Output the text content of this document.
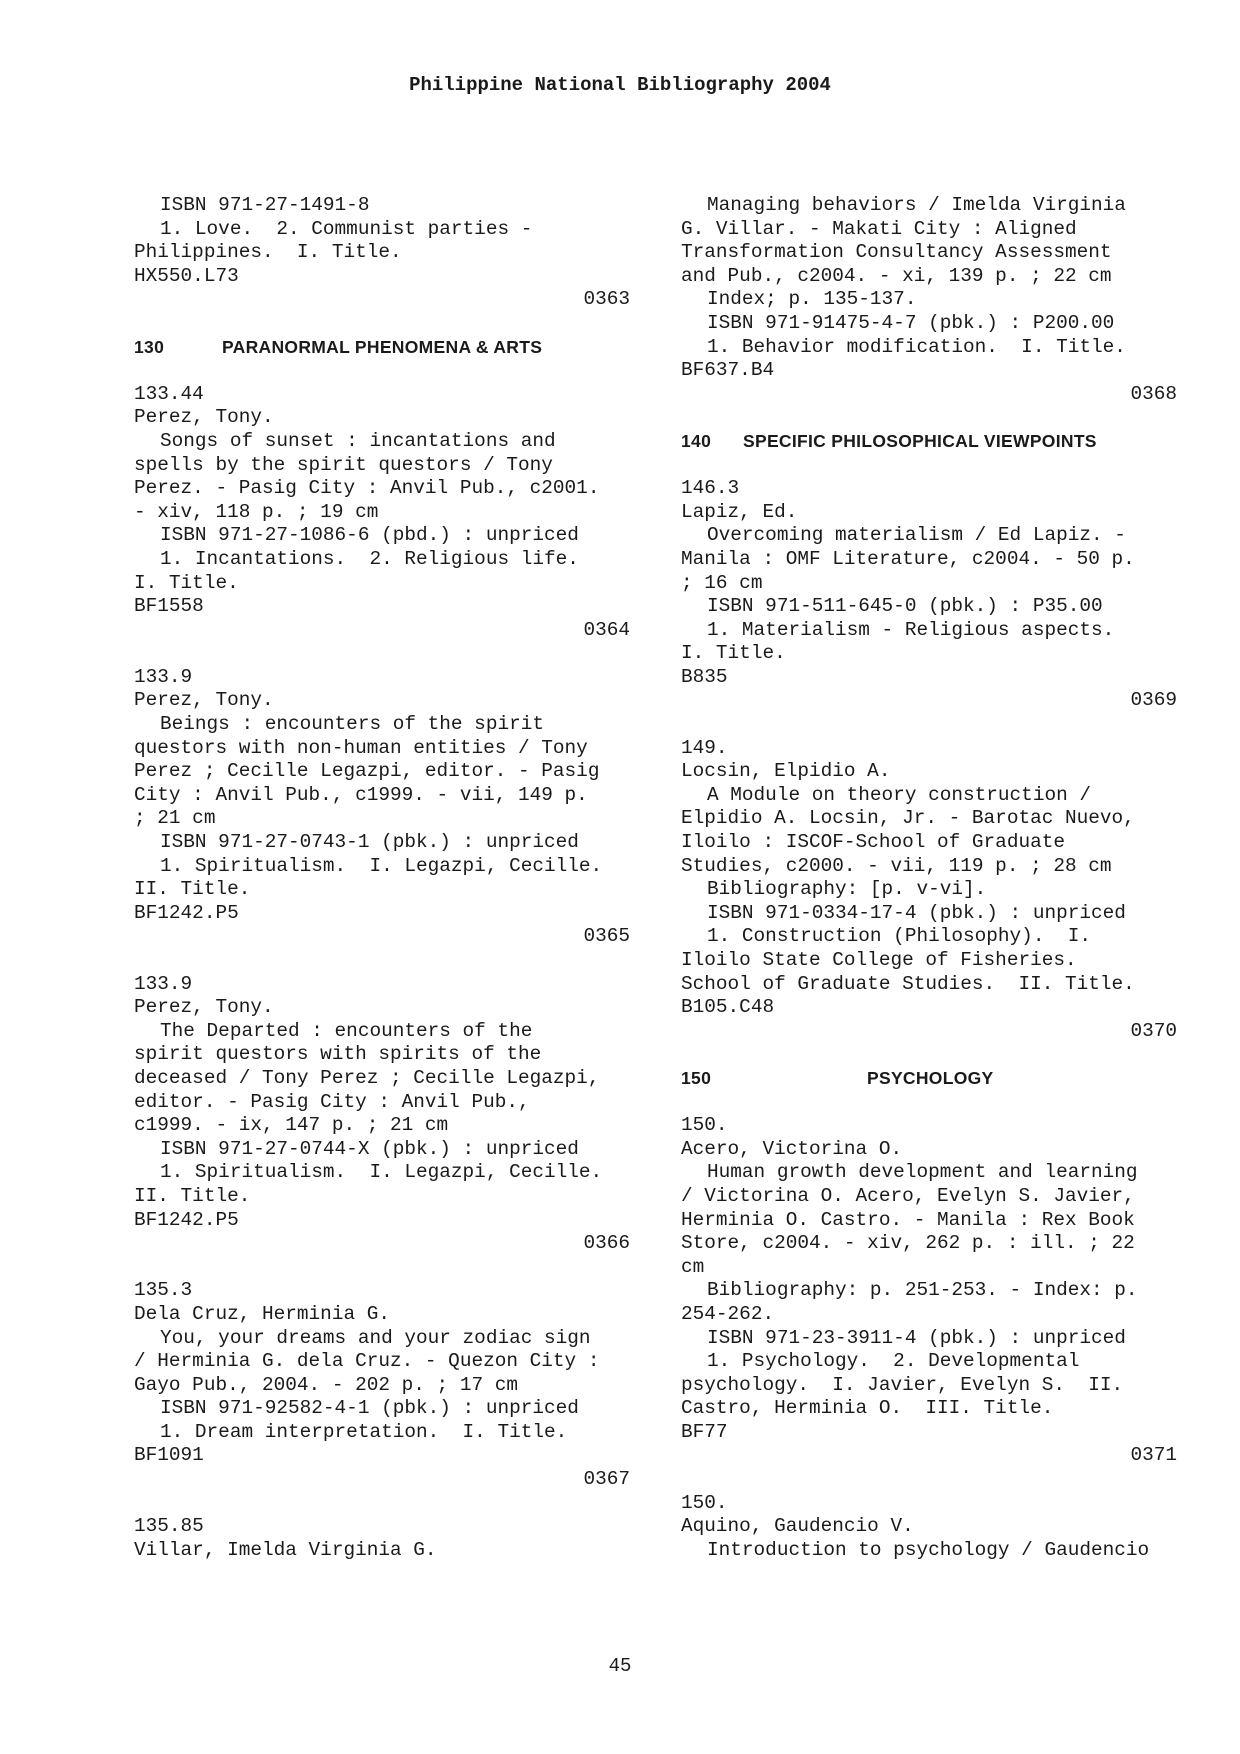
Philippine National Bibliography 2004
ISBN 971-27-1491-8
1. Love.  2. Communist parties -
Philippines.  I. Title.
HX550.L73
0363
130	PARANORMAL PHENOMENA & ARTS
133.44
Perez, Tony.
Songs of sunset : incantations and
spells by the spirit questors / Tony
Perez. - Pasig City : Anvil Pub., c2001.
- xiv, 118 p. ; 19 cm
ISBN 971-27-1086-6 (pbd.) : unpriced
1. Incantations.  2. Religious life.
I. Title.
BF1558
0364
133.9
Perez, Tony.
Beings : encounters of the spirit
questors with non-human entities / Tony
Perez ; Cecille Legazpi, editor. - Pasig
City : Anvil Pub., c1999. - vii, 149 p.
; 21 cm
ISBN 971-27-0743-1 (pbk.) : unpriced
1. Spiritualism.  I. Legazpi, Cecille.
II. Title.
BF1242.P5
0365
133.9
Perez, Tony.
The Departed : encounters of the
spirit questors with spirits of the
deceased / Tony Perez ; Cecille Legazpi,
editor. - Pasig City : Anvil Pub.,
c1999. - ix, 147 p. ; 21 cm
ISBN 971-27-0744-X (pbk.) : unpriced
1. Spiritualism.  I. Legazpi, Cecille.
II. Title.
BF1242.P5
0366
135.3
Dela Cruz, Herminia G.
You, your dreams and your zodiac sign
/ Herminia G. dela Cruz. - Quezon City :
Gayo Pub., 2004. - 202 p. ; 17 cm
ISBN 971-92582-4-1 (pbk.) : unpriced
1. Dream interpretation.  I. Title.
BF1091
0367
135.85
Villar, Imelda Virginia G.
Managing behaviors / Imelda Virginia
G. Villar. - Makati City : Aligned
Transformation Consultancy Assessment
and Pub., c2004. - xi, 139 p. ; 22 cm
Index; p. 135-137.
ISBN 971-91475-4-7 (pbk.) : P200.00
1. Behavior modification.  I. Title.
BF637.B4
0368
140 SPECIFIC PHILOSOPHICAL VIEWPOINTS
146.3
Lapiz, Ed.
Overcoming materialism / Ed Lapiz. -
Manila : OMF Literature, c2004. - 50 p.
; 16 cm
ISBN 971-511-645-0 (pbk.) : P35.00
1. Materialism - Religious aspects.
I. Title.
B835
0369
149.
Locsin, Elpidio A.
A Module on theory construction /
Elpidio A. Locsin, Jr. - Barotac Nuevo,
Iloilo : ISCOF-School of Graduate
Studies, c2000. - vii, 119 p. ; 28 cm
Bibliography: [p. v-vi].
ISBN 971-0334-17-4 (pbk.) : unpriced
1. Construction (Philosophy).  I.
Iloilo State College of Fisheries.
School of Graduate Studies.  II. Title.
B105.C48
0370
150	PSYCHOLOGY
150.
Acero, Victorina O.
Human growth development and learning
/ Victorina O. Acero, Evelyn S. Javier,
Herminia O. Castro. - Manila : Rex Book
Store, c2004. - xiv, 262 p. : ill. ; 22
cm
Bibliography: p. 251-253. - Index: p.
254-262.
ISBN 971-23-3911-4 (pbk.) : unpriced
1. Psychology.  2. Developmental
psychology.  I. Javier, Evelyn S.  II.
Castro, Herminia O.  III. Title.
BF77
0371
150.
Aquino, Gaudencio V.
Introduction to psychology / Gaudencio
45
